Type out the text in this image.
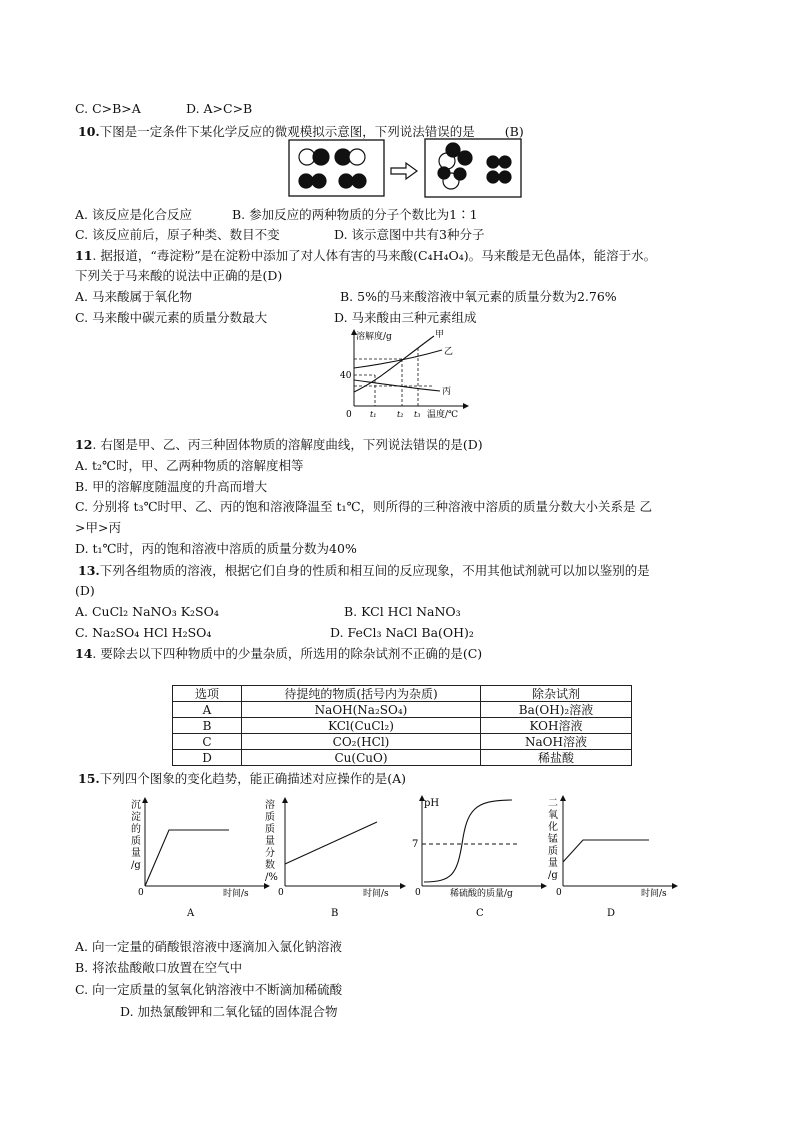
C. C>B>A	D. A>C>B
10.下图是一定条件下某化学反应的微观模拟示意图，下列说法错误的是 (B)
A. 该反应是化合反应	B. 参加反应的两种物质的分子个数比为1∶1
C. 该反应前后，原子种类、数目不变	D. 该示意图中共有3种分子
11. 据报道，“毒淀粉”是在淀粉中添加了对人体有害的马来酸(C₄H₄O₄)。马来酸是无色晶体，能溶于水。
下列关于马来酸的说法中正确的是(D)
A. 马来酸属于氧化物	B. 5%的马来酸溶液中氧元素的质量分数为2.76%
C. 马来酸中碳元素的质量分数最大	D. 马来酸由三种元素组成
溶解度/g
40
0 t₁	t₂ t₃ 温度/℃
甲
乙
丙
12. 右图是甲、乙、丙三种固体物质的溶解度曲线，下列说法错误的是(D)
A. t₂℃时，甲、乙两种物质的溶解度相等
B. 甲的溶解度随温度的升高而增大
C. 分别将 t₃℃时甲、乙、丙的饱和溶液降温至 t₁℃，则所得的三种溶液中溶质的质量分数大小关系是 乙
>甲>丙
D. t₁℃时，丙的饱和溶液中溶质的质量分数为40%
13.下列各组物质的溶液，根据它们自身的性质和相互间的反应现象，不用其他试剂就可以加以鉴别的是
(D)
A. CuCl₂ NaNO₃ K₂SO₄	B. KCl HCl NaNO₃
C. Na₂SO₄ HCl H₂SO₄	D. FeCl₃ NaCl Ba(OH)₂
14. 要除去以下四种物质中的少量杂质，所选用的除杂试剂不正确的是(C)
选项	待提纯的物质(括号内为杂质)	除杂试剂
A	NaOH(Na₂SO₄)	Ba(OH)₂溶液
B	KCl(CuCl₂)	KOH溶液
C	CO₂(HCl)	NaOH溶液
D	Cu(CuO)	稀盐酸
15.下列四个图象的变化趋势，能正确描述对应操作的是(A)
沉淀的质量/g
0	时间/s
A
溶质质量分数/%
0	时间/s
B
pH
7
0	稀硫酸的质量/g
C
二氧化锰质量/g
0	时间/s
D
A. 向一定量的硝酸银溶液中逐滴加入氯化钠溶液
B. 将浓盐酸敞口放置在空气中
C. 向一定质量的氢氧化钠溶液中不断滴加稀硫酸
D. 加热氯酸钾和二氧化锰的固体混合物
